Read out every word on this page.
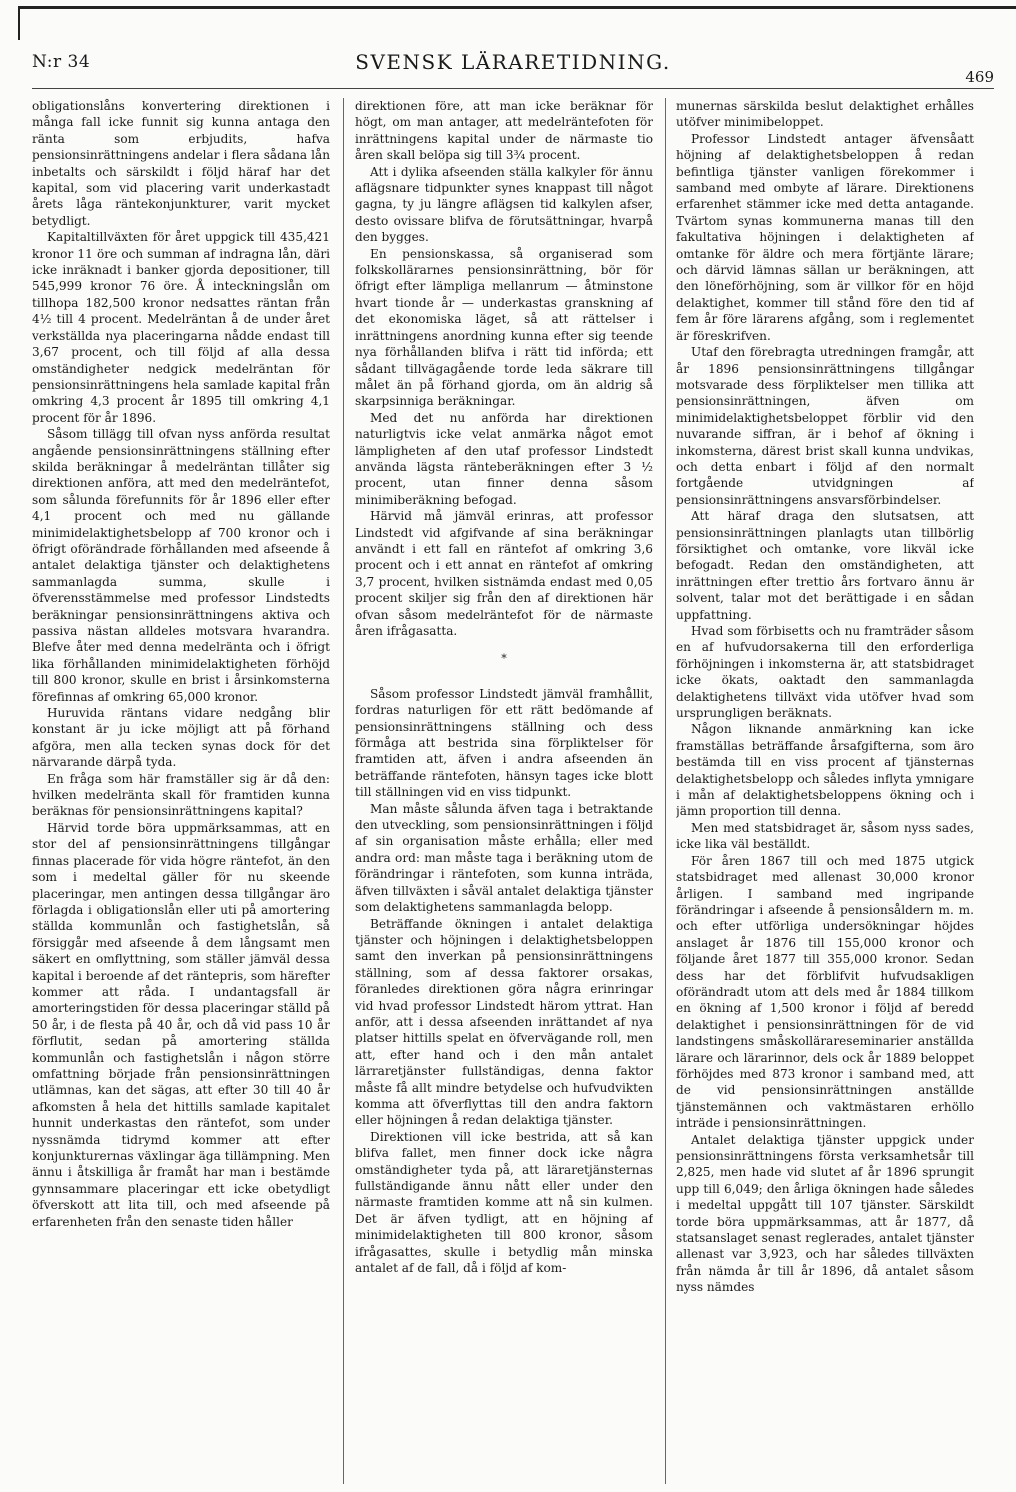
N:r 34	SVENSK LÄRARETIDNING.
469

obligationslåns konvertering direktionen i många fall icke funnit sig kunna antaga den ränta som erbjudits, hafva pensionsinrättningens andelar i flera sådana lån inbetalts och särskildt i följd häraf har det kapital, som vid placering varit underkastadt årets låga räntekonjunkturer, varit mycket betydligt.

Kapitaltillväxten för året uppgick till 435,421 kronor 11 öre och summan af indragna lån, däri icke inräknadt i banker gjorda depositioner, till 545,999 kronor 76 öre. Å inteckningslån om tillhopa 182,500 kronor nedsattes räntan från 4½ till 4 procent. Medelräntan å de under året verkställda nya placeringarna nådde endast till 3,67 procent, och till följd af alla dessa omständigheter nedgick medelräntan för pensionsinrättningens hela samlade kapital från omkring 4,3 procent år 1895 till omkring 4,1 procent för år 1896.

Såsom tillägg till ofvan nyss anförda resultat angående pensionsinrättningens ställning efter skilda beräkningar å medelräntan tillåter sig direktionen anföra, att med den medelräntefot, som sålunda förefunnits för år 1896 eller efter 4,1 procent och med nu gällande minimidelaktighetsbelopp af 700 kronor och i öfrigt oförändrade förhållanden med afseende å antalet delaktiga tjänster och delaktighetens sammanlagda summa, skulle i öfverensstämmelse med professor Lindstedts beräkningar pensionsinrättningens aktiva och passiva nästan alldeles motsvara hvarandra. Blefve åter med denna medelränta och i öfrigt lika förhållanden minimidelaktigheten förhöjd till 800 kronor, skulle en brist i årsinkomsterna förefinnas af omkring 65,000 kronor.

Huruvida räntans vidare nedgång blir konstant är ju icke möjligt att på förhand afgöra, men alla tecken synas dock för det närvarande därpå tyda.

En fråga som här framställer sig är då den: hvilken medelränta skall för framtiden kunna beräknas för pensionsinrättningens kapital?

Härvid torde böra uppmärksammas, att en stor del af pensionsinrättningens tillgångar finnas placerade för vida högre räntefot, än den som i medeltal gäller för nu skeende placeringar, men antingen dessa tillgångar äro förlagda i obligationslån eller uti på amortering ställda kommunlån och fastighetslån, så försiggår med afseende å dem långsamt men säkert en omflyttning, som ställer jämväl dessa kapital i beroende af det räntepris, som härefter kommer att råda. I undantagsfall är amorteringstiden för dessa placeringar ställd på 50 år, i de flesta på 40 år, och då vid pass 10 år förflutit, sedan på amortering ställda kommunlån och fastighetslån i någon större omfattning började från pensionsinrättningen utlämnas, kan det sägas, att efter 30 till 40 år afkomsten å hela det hittills samlade kapitalet hunnit underkastas den räntefot, som under nyssnämda tidrymd kommer att efter konjunkturernas växlingar äga tillämpning. Men ännu i åtskilliga år framåt har man i bestämde gynnsammare placeringar ett icke obetydligt öfverskott att lita till, och med afseende på erfarenheten från den senaste tiden håller

direktionen före, att man icke beräknar för högt, om man antager, att medelräntefoten för inrättningens kapital under de närmaste tio åren skall belöpa sig till 3¾ procent.

Att i dylika afseenden ställa kalkyler för ännu aflägsnare tidpunkter synes knappast till något gagna, ty ju längre aflägsen tid kalkylen afser, desto ovissare blifva de förutsättningar, hvarpå den bygges.

En pensionskassa, så organiserad som folkskollärarnes pensionsinrättning, bör för öfrigt efter lämpliga mellanrum — åtminstone hvart tionde år — underkastas granskning af det ekonomiska läget, så att rättelser i inrättningens anordning kunna efter sig teende nya förhållanden blifva i rätt tid införda; ett sådant tillvägagående torde leda säkrare till målet än på förhand gjorda, om än aldrig så skarpsinniga beräkningar.

Med det nu anförda har direktionen naturligtvis icke velat anmärka något emot lämpligheten af den utaf professor Lindstedt använda lägsta ränteberäkningen efter 3 ½ procent, utan finner denna såsom minimiberäkning befogad.

Härvid må jämväl erinras, att professor Lindstedt vid afgifvande af sina beräkningar användt i ett fall en räntefot af omkring 3,6 procent och i ett annat en räntefot af omkring 3,7 procent, hvilken sistnämda endast med 0,05 procent skiljer sig från den af direktionen här ofvan såsom medelräntefot för de närmaste åren ifrågasatta.

*

Såsom professor Lindstedt jämväl framhållit, fordras naturligen för ett rätt bedömande af pensionsinrättningens ställning och dess förmåga att bestrida sina förpliktelser för framtiden att, äfven i andra afseenden än beträffande räntefoten, hänsyn tages icke blott till ställningen vid en viss tidpunkt.

Man måste sålunda äfven taga i betraktande den utveckling, som pensionsinrättningen i följd af sin organisation måste erhålla; eller med andra ord: man måste taga i beräkning utom de förändringar i räntefoten, som kunna inträda, äfven tillväxten i såväl antalet delaktiga tjänster som delaktighetens sammanlagda belopp.

Beträffande ökningen i antalet delaktiga tjänster och höjningen i delaktighetsbeloppen samt den inverkan på pensionsinrättningens ställning, som af dessa faktorer orsakas, föranledes direktionen göra några erinringar vid hvad professor Lindstedt härom yttrat. Han anför, att i dessa afseenden inrättandet af nya platser hittills spelat en öfvervägande roll, men att, efter hand och i den mån antalet lärraretjänster fullständigas, denna faktor måste få allt mindre betydelse och hufvudvikten komma att öfverflyttas till den andra faktorn eller höjningen å redan delaktiga tjänster.

Direktionen vill icke bestrida, att så kan blifva fallet, men finner dock icke några omständigheter tyda på, att läraretjänsternas fullständigande ännu nått eller under den närmaste framtiden komme att nå sin kulmen. Det är äfven tydligt, att en höjning af minimidelaktigheten till 800 kronor, såsom ifrågasattes, skulle i betydlig mån minska antalet af de fall, då i följd af kom-

munernas särskilda beslut delaktighet erhålles utöfver minimibeloppet.

Professor Lindstedt antager äfvensåatt höjning af delaktighetsbeloppen å redan befintliga tjänster vanligen förekommer i samband med ombyte af lärare. Direktionens erfarenhet stämmer icke med detta antagande. Tvärtom synas kommunerna manas till den fakultativa höjningen i delaktigheten af omtanke för äldre och mera förtjänte lärare; och därvid lämnas sällan ur beräkningen, att den löneförhöjning, som är villkor för en höjd delaktighet, kommer till stånd före den tid af fem år före lärarens afgång, som i reglementet är föreskrifven.

Utaf den förebragta utredningen framgår, att år 1896 pensionsinrättningens tillgångar motsvarade dess förpliktelser men tillika att pensionsinrättningen, äfven om minimidelaktighetsbeloppet förblir vid den nuvarande siffran, är i behof af ökning i inkomsterna, därest brist skall kunna undvikas, och detta enbart i följd af den normalt fortgående utvidgningen af pensionsinrättningens ansvarsförbindelser.

Att häraf draga den slutsatsen, att pensionsinrättningen planlagts utan tillbörlig försiktighet och omtanke, vore likväl icke befogadt. Redan den omständigheten, att inrättningen efter trettio års fortvaro ännu är solvent, talar mot det berättigade i en sådan uppfattning.

Hvad som förbisetts och nu framträder såsom en af hufvudorsakerna till den erforderliga förhöjningen i inkomsterna är, att statsbidraget icke ökats, oaktadt den sammanlagda delaktighetens tillväxt vida utöfver hvad som ursprungligen beräknats.

Någon liknande anmärkning kan icke framställas beträffande årsafgifterna, som äro bestämda till en viss procent af tjänsternas delaktighetsbelopp och således inflyta ymnigare i mån af delaktighetsbeloppens ökning och i jämn proportion till denna.

Men med statsbidraget är, såsom nyss sades, icke lika väl beställdt.

För åren 1867 till och med 1875 utgick statsbidraget med allenast 30,000 kronor årligen. I samband med ingripande förändringar i afseende å pensionsåldern m. m. och efter utförliga undersökningar höjdes anslaget år 1876 till 155,000 kronor och följande året 1877 till 355,000 kronor. Sedan dess har det förblifvit hufvudsakligen oförändradt utom att dels med år 1884 tillkom en ökning af 1,500 kronor i följd af beredd delaktighet i pensionsinrättningen för de vid landstingens småskollärareseminarier anställda lärare och lärarinnor, dels ock år 1889 beloppet förhöjdes med 873 kronor i samband med, att de vid pensionsinrättningen anställde tjänstemännen och vaktmästaren erhöllo inträde i pensionsinrättningen.

Antalet delaktiga tjänster uppgick under pensionsinrättningens första verksamhetsår till 2,825, men hade vid slutet af år 1896 sprungit upp till 6,049; den årliga ökningen hade således i medeltal uppgått till 107 tjänster. Särskildt torde böra uppmärksammas, att år 1877, då statsanslaget senast reglerades, antalet tjänster allenast var 3,923, och har således tillväxten från nämda år till år 1896, då antalet såsom nyss nämdes
